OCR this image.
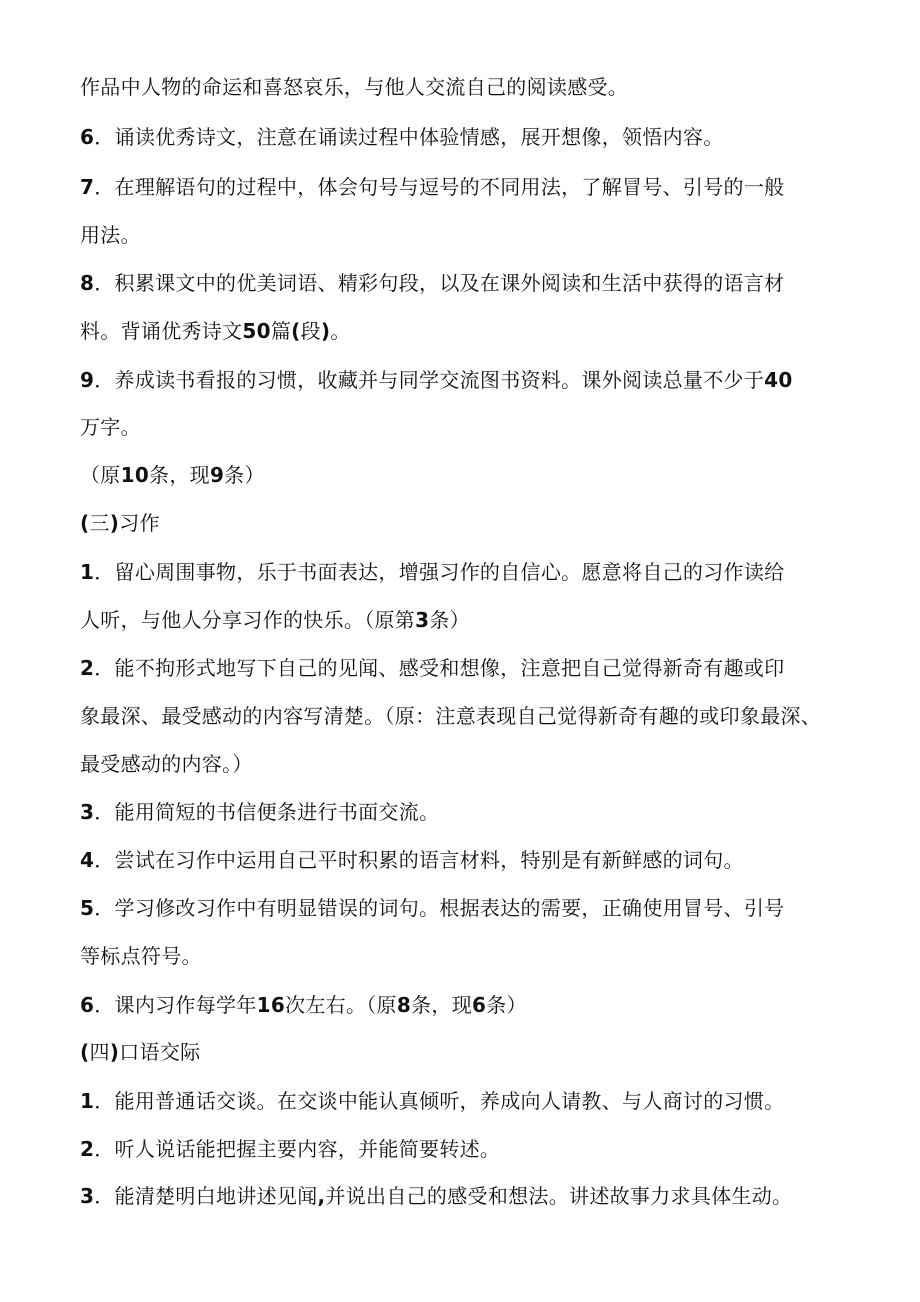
作品中人物的命运和喜怒哀乐，与他人交流自己的阅读感受。
6．诵读优秀诗文，注意在诵读过程中体验情感，展开想像，领悟内容。
7．在理解语句的过程中，体会句号与逗号的不同用法，了解冒号、引号的一般
用法。
8．积累课文中的优美词语、精彩句段，以及在课外阅读和生活中获得的语言材
料。背诵优秀诗文50篇(段)。
9．养成读书看报的习惯，收藏并与同学交流图书资料。课外阅读总量不少于40
万字。
（原10条，现9条）
(三)习作
1．留心周围事物，乐于书面表达，增强习作的自信心。愿意将自己的习作读给
人听，与他人分享习作的快乐。（原第3条）
2．能不拘形式地写下自己的见闻、感受和想像，注意把自己觉得新奇有趣或印
象最深、最受感动的内容写清楚。（原：注意表现自己觉得新奇有趣的或印象最深、
最受感动的内容。）
3．能用简短的书信便条进行书面交流。
4．尝试在习作中运用自己平时积累的语言材料，特别是有新鲜感的词句。
5．学习修改习作中有明显错误的词句。根据表达的需要，正确使用冒号、引号
等标点符号。
6．课内习作每学年16次左右。（原8条，现6条）
(四)口语交际
1．能用普通话交谈。在交谈中能认真倾听，养成向人请教、与人商讨的习惯。
2．听人说话能把握主要内容，并能简要转述。
3．能清楚明白地讲述见闻,并说出自己的感受和想法。讲述故事力求具体生动。
